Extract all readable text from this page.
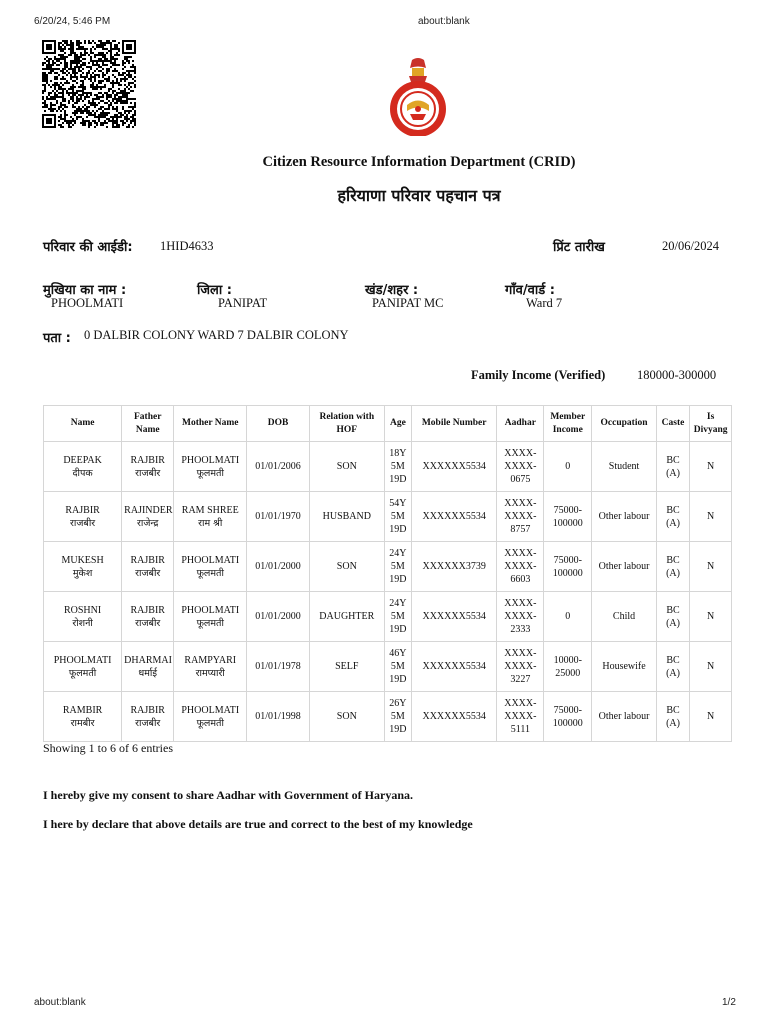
6/20/24, 5:46 PM	about:blank
Citizen Resource Information Department (CRID)
हरियाणा परिवार पहचान पत्र
परिवार की आईडी: 1HID4633	प्रिंट तारीख	20/06/2024
मुखिया का नाम :
PHOOLMATI
जिला :
PANIPAT
खंड/शहर :
PANIPAT MC
गाँव/वार्ड :
Ward 7
पता : 0 DALBIR COLONY WARD 7 DALBIR COLONY
Family Income (Verified)	180000-300000
Name	Father Name	Mother Name	DOB	Relation with HOF	Age	Mobile Number	Aadhar	Member Income	Occupation	Caste	Is Divyang

DEEPAK
दीपक	RAJBIR
राजबीर	PHOOLMATI
फूलमती	01/01/2006	SON	18Y 5M 19D	XXXXXX5534	XXXX-XXXX-0675	0	Student	BC (A)	N

RAJBIR
राजबीर	RAJINDER
राजेन्द्र	RAM SHREE
राम श्री	01/01/1970	HUSBAND	54Y 5M 19D	XXXXXX5534	XXXX-XXXX-8757	75000-100000	Other labour	BC (A)	N

MUKESH
मुकेश	RAJBIR
राजबीर	PHOOLMATI
फूलमती	01/01/2000	SON	24Y 5M 19D	XXXXXX3739	XXXX-XXXX-6603	75000-100000	Other labour	BC (A)	N

ROSHNI
रोशनी	RAJBIR
राजबीर	PHOOLMATI
फूलमती	01/01/2000	DAUGHTER	24Y 5M 19D	XXXXXX5534	XXXX-XXXX-2333	0	Child	BC (A)	N

PHOOLMATI
फूलमती	DHARMAI
धर्माई	RAMPYARI
रामप्यारी	01/01/1978	SELF	46Y 5M 19D	XXXXXX5534	XXXX-XXXX-3227	10000-25000	Housewife	BC (A)	N

RAMBIR
रामबीर	RAJBIR
राजबीर	PHOOLMATI
फूलमती	01/01/1998	SON	26Y 5M 19D	XXXXXX5534	XXXX-XXXX-5111	75000-100000	Other labour	BC (A)	N
Showing 1 to 6 of 6 entries
I hereby give my consent to share Aadhar with Government of Haryana.
I here by declare that above details are true and correct to the best of my knowledge
about:blank	1/2
